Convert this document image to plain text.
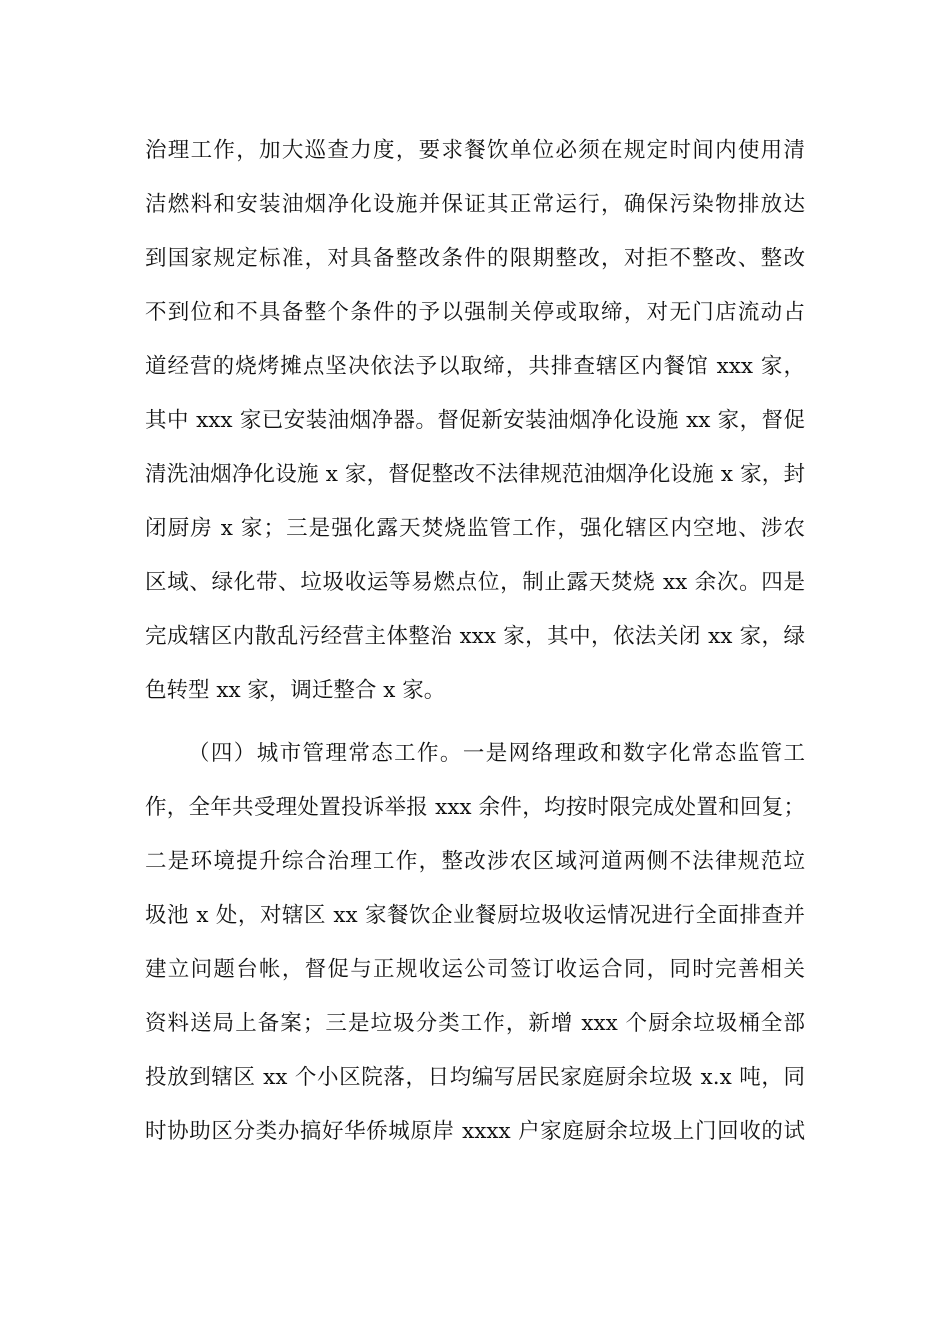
治理工作，加大巡查力度，要求餐饮单位必须在规定时间内使用清
洁燃料和安装油烟净化设施并保证其正常运行，确保污染物排放达
到国家规定标准，对具备整改条件的限期整改，对拒不整改、整改
不到位和不具备整个条件的予以强制关停或取缔，对无门店流动占
道经营的烧烤摊点坚决依法予以取缔，共排查辖区内餐馆 xxx 家，
其中 xxx 家已安装油烟净器。督促新安装油烟净化设施 xx 家，督促
清洗油烟净化设施 x 家，督促整改不法律规范油烟净化设施 x 家，封
闭厨房 x 家；三是强化露天焚烧监管工作，强化辖区内空地、涉农
区域、绿化带、垃圾收运等易燃点位，制止露天焚烧 xx 余次。四是
完成辖区内散乱污经营主体整治 xxx 家，其中，依法关闭 xx 家，绿
色转型 xx 家，调迁整合 x 家。
（四）城市管理常态工作。一是网络理政和数字化常态监管工
作，全年共受理处置投诉举报 xxx 余件，均按时限完成处置和回复；
二是环境提升综合治理工作，整改涉农区域河道两侧不法律规范垃
圾池 x 处，对辖区 xx 家餐饮企业餐厨垃圾收运情况进行全面排查并
建立问题台帐，督促与正规收运公司签订收运合同，同时完善相关
资料送局上备案；三是垃圾分类工作，新增 xxx 个厨余垃圾桶全部
投放到辖区 xx 个小区院落，日均编写居民家庭厨余垃圾 x.x 吨，同
时协助区分类办搞好华侨城原岸 xxxx 户家庭厨余垃圾上门回收的试
